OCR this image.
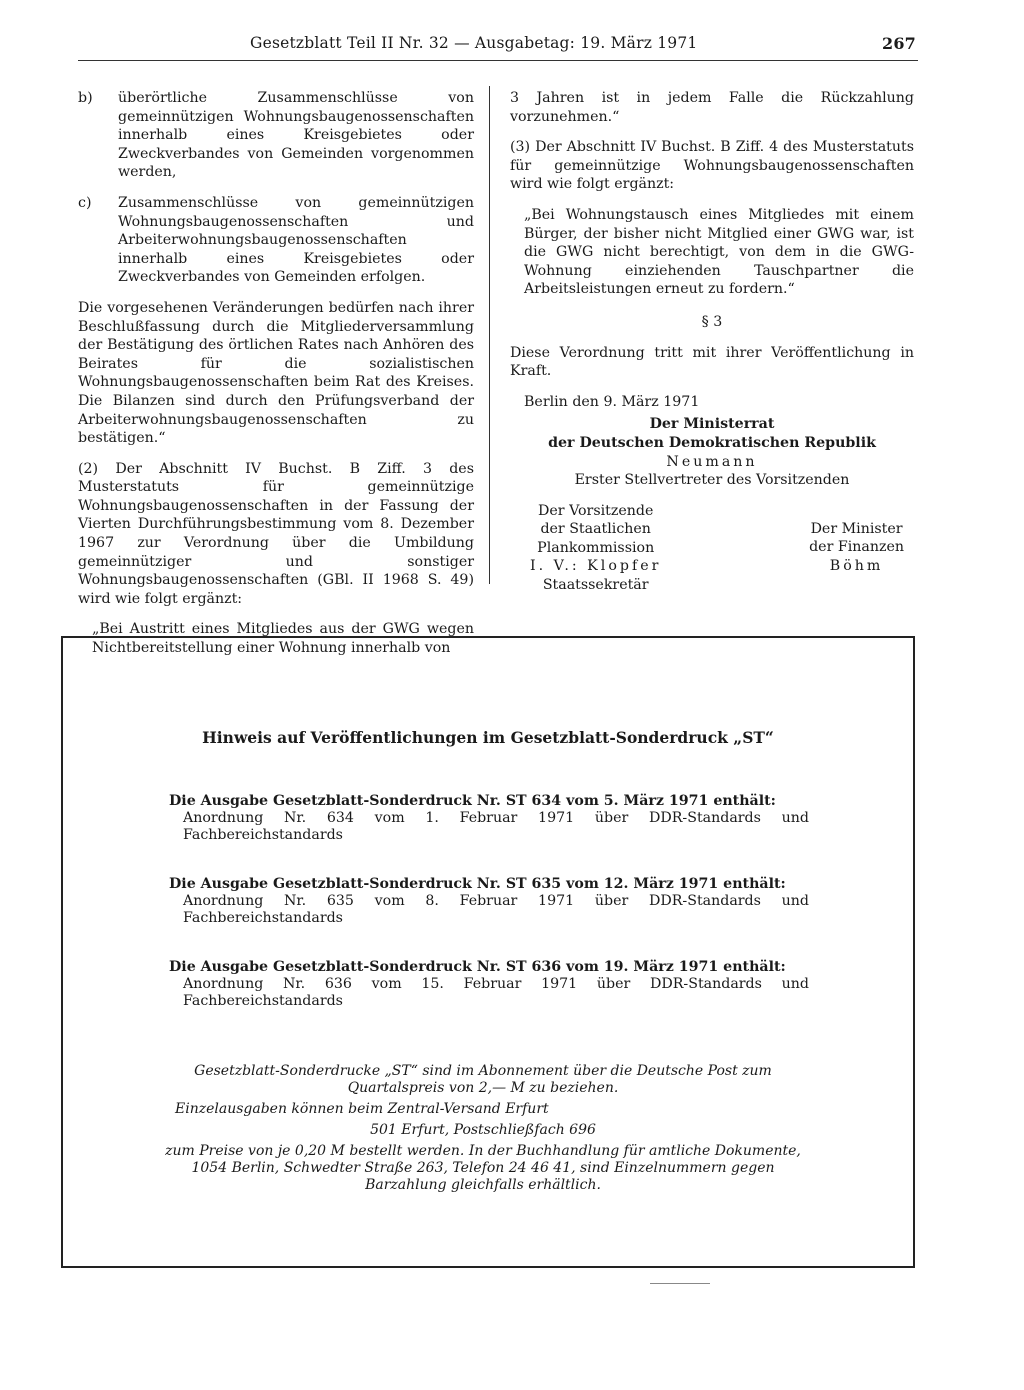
Gesetzblatt Teil II Nr. 32 — Ausgabetag: 19. März 1971	267
b)	überörtliche Zusammenschlüsse von gemeinnützigen Wohnungsbaugenossenschaften innerhalb eines Kreisgebietes oder Zweckverbandes von Gemeinden vorgenommen werden,
c)	Zusammenschlüsse von gemeinnützigen Wohnungsbaugenossenschaften und Arbeiterwohnungsbaugenossenschaften innerhalb eines Kreisgebietes oder Zweckverbandes von Gemeinden erfolgen.

Die vorgesehenen Veränderungen bedürfen nach ihrer Beschlußfassung durch die Mitgliederversammlung der Bestätigung des örtlichen Rates nach Anhören des Beirates für die sozialistischen Wohnungsbaugenossenschaften beim Rat des Kreises. Die Bilanzen sind durch den Prüfungsverband der Arbeiterwohnungsbaugenossenschaften zu bestätigen.“

(2) Der Abschnitt IV Buchst. B Ziff. 3 des Musterstatuts für gemeinnützige Wohnungsbaugenossenschaften in der Fassung der Vierten Durchführungsbestimmung vom 8. Dezember 1967 zur Verordnung über die Umbildung gemeinnütziger und sonstiger Wohnungsbaugenossenschaften (GBl. II 1968 S. 49) wird wie folgt ergänzt:

„Bei Austritt eines Mitgliedes aus der GWG wegen Nichtbereitstellung einer Wohnung innerhalb von

3 Jahren ist in jedem Falle die Rückzahlung vorzunehmen.“

(3) Der Abschnitt IV Buchst. B Ziff. 4 des Musterstatuts für gemeinnützige Wohnungsbaugenossenschaften wird wie folgt ergänzt:

„Bei Wohnungstausch eines Mitgliedes mit einem Bürger, der bisher nicht Mitglied einer GWG war, ist die GWG nicht berechtigt, von dem in die GWG-Wohnung einziehenden Tauschpartner die Arbeitsleistungen erneut zu fordern.“

§ 3

Diese Verordnung tritt mit ihrer Veröffentlichung in Kraft.

Berlin den 9. März 1971

Der Ministerrat
der Deutschen Demokratischen Republik
Neumann
Erster Stellvertreter des Vorsitzenden
Der Vorsitzende
der Staatlichen
Plankommission
I. V.: Klopfer
Staatssekretär
Der Minister
der Finanzen
Böhm
Hinweis auf Veröffentlichungen im Gesetzblatt-Sonderdruck „ST“
Die Ausgabe Gesetzblatt-Sonderdruck Nr. ST 634 vom 5. März 1971 enthält:
Anordnung Nr. 634 vom 1. Februar 1971 über DDR-Standards und Fachbereichstandards
Die Ausgabe Gesetzblatt-Sonderdruck Nr. ST 635 vom 12. März 1971 enthält:
Anordnung Nr. 635 vom 8. Februar 1971 über DDR-Standards und Fachbereichstandards
Die Ausgabe Gesetzblatt-Sonderdruck Nr. ST 636 vom 19. März 1971 enthält:
Anordnung Nr. 636 vom 15. Februar 1971 über DDR-Standards und Fachbereichstandards

Gesetzblatt-Sonderdrucke „ST“ sind im Abonnement über die Deutsche Post zum Quartalspreis von 2,— M zu beziehen.

Einzelausgaben können beim Zentral-Versand Erfurt

501 Erfurt, Postschließfach 696

zum Preise von je 0,20 M bestellt werden. In der Buchhandlung für amtliche Dokumente, 1054 Berlin, Schwedter Straße 263, Telefon 24 46 41, sind Einzelnummern gegen Barzahlung gleichfalls erhältlich.
